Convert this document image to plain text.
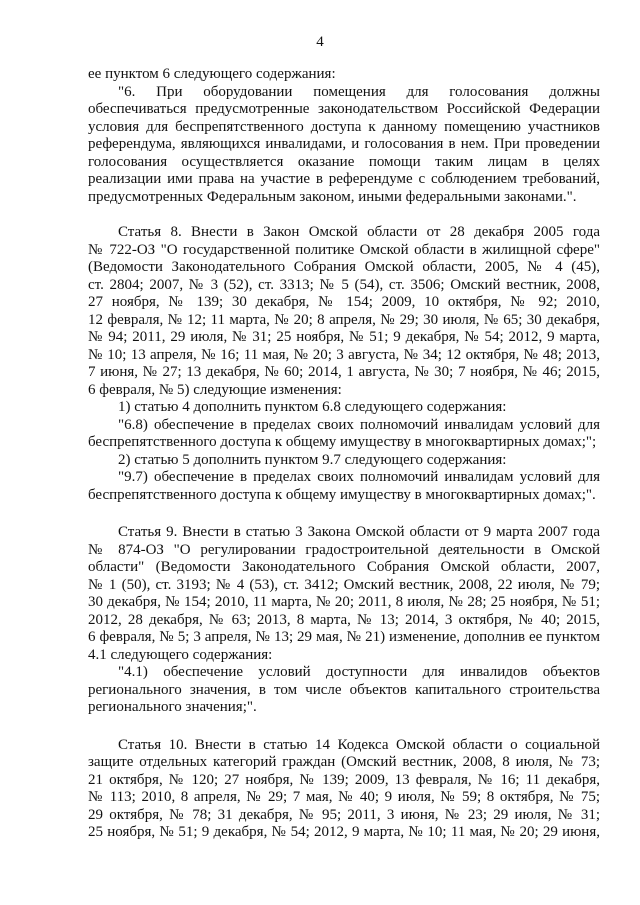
4

ее пунктом 6 следующего содержания:

"6. При оборудовании помещения для голосования должны

обеспечиваться предусмотренные законодательством Российской Федерации

условия для беспрепятственного доступа к данному помещению участников

референдума, являющихся инвалидами, и голосования в нем. При проведении

голосования осуществляется оказание помощи таким лицам в целях

реализации ими права на участие в референдуме с соблюдением требований,

предусмотренных Федеральным законом, иными федеральными законами.".

Статья 8. Внести в Закон Омской области от 28 декабря 2005 года

№ 722-ОЗ "О государственной политике Омской области в жилищной сфере"

(Ведомости Законодательного Собрания Омской области, 2005, № 4 (45),

ст. 2804; 2007, № 3 (52), ст. 3313; № 5 (54), ст. 3506; Омский вестник, 2008,

27 ноября, № 139; 30 декабря, № 154; 2009, 10 октября, № 92; 2010,

12 февраля, № 12; 11 марта, № 20; 8 апреля, № 29; 30 июля, № 65; 30 декабря,

№ 94; 2011, 29 июля, № 31; 25 ноября, № 51; 9 декабря, № 54; 2012, 9 марта,

№ 10; 13 апреля, № 16; 11 мая, № 20; 3 августа, № 34; 12 октября, № 48; 2013,

7 июня, № 27; 13 декабря, № 60; 2014, 1 августа, № 30; 7 ноября, № 46; 2015,

6 февраля, № 5) следующие изменения:

1) статью 4 дополнить пунктом 6.8 следующего содержания:

"6.8) обеспечение в пределах своих полномочий инвалидам условий для

беспрепятственного доступа к общему имуществу в многоквартирных домах;";

2) статью 5 дополнить пунктом 9.7 следующего содержания:

"9.7) обеспечение в пределах своих полномочий инвалидам условий для

беспрепятственного доступа к общему имуществу в многоквартирных домах;".

Статья 9. Внести в статью 3 Закона Омской области от 9 марта 2007 года

№ 874-ОЗ "О регулировании градостроительной деятельности в Омской

области" (Ведомости Законодательного Собрания Омской области, 2007,

№ 1 (50), ст. 3193; № 4 (53), ст. 3412; Омский вестник, 2008, 22 июля, № 79;

30 декабря, № 154; 2010, 11 марта, № 20; 2011, 8 июля, № 28; 25 ноября, № 51;

2012, 28 декабря, № 63; 2013, 8 марта, № 13; 2014, 3 октября, № 40; 2015,

6 февраля, № 5; 3 апреля, № 13; 29 мая, № 21) изменение, дополнив ее пунктом

4.1 следующего содержания:

"4.1) обеспечение условий доступности для инвалидов объектов

регионального значения, в том числе объектов капитального строительства

регионального значения;".

Статья 10. Внести в статью 14 Кодекса Омской области о социальной

защите отдельных категорий граждан (Омский вестник, 2008, 8 июля, № 73;

21 октября, № 120; 27 ноября, № 139; 2009, 13 февраля, № 16; 11 декабря,

№ 113; 2010, 8 апреля, № 29; 7 мая, № 40; 9 июля, № 59; 8 октября, № 75;

29 октября, № 78; 31 декабря, № 95; 2011, 3 июня, № 23; 29 июля, № 31;

25 ноября, № 51; 9 декабря, № 54; 2012, 9 марта, № 10; 11 мая, № 20; 29 июня,
